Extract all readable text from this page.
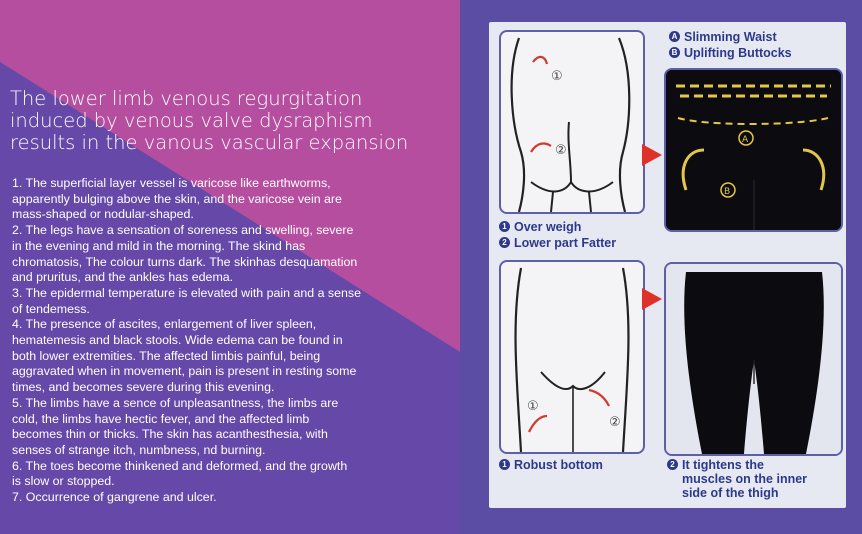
The lower limb venous regurgitation
induced by venous valve dysraphism
results in the vanous vascular expansion
1. The superficial layer vessel is varicose like earthworms,
apparently bulging above the skin, and the varicose vein are
mass-shaped or nodular-shaped.
2. The legs have a sensation of soreness and swelling, severe
in the evening and mild in the morning. The skind has
chromatosis, The colour turns dark. The skinhas desquamation
and pruritus, and the ankles has edema.
3. The epidermal temperature is elevated with pain and a sense
of tendemess.
4. The presence of ascites, enlargement of liver spleen,
hematemesis and black stools. Wide edema can be found in
both lower extremities. The affected limbis painful, being
aggravated when in movement, pain is present in resting some
times, and becomes severe during this evening.
5. The limbs have a sence of unpleasantness, the limbs are
cold, the limbs have hectic fever, and the affected limb
becomes thin or thicks. The skin has acanthesthesia, with
senses of strange itch, numbness, nd burning.
6. The toes become thinkened and deformed, and the growth
is slow or stopped.
7. Occurrence of gangrene and ulcer.
A Slimming Waist
B Uplifting Buttocks
①
②
1 Over weigh
2 Lower part Fatter
A
B
①
②
1 Robust bottom	2 It tightens the
muscles on the inner
side of the thigh
